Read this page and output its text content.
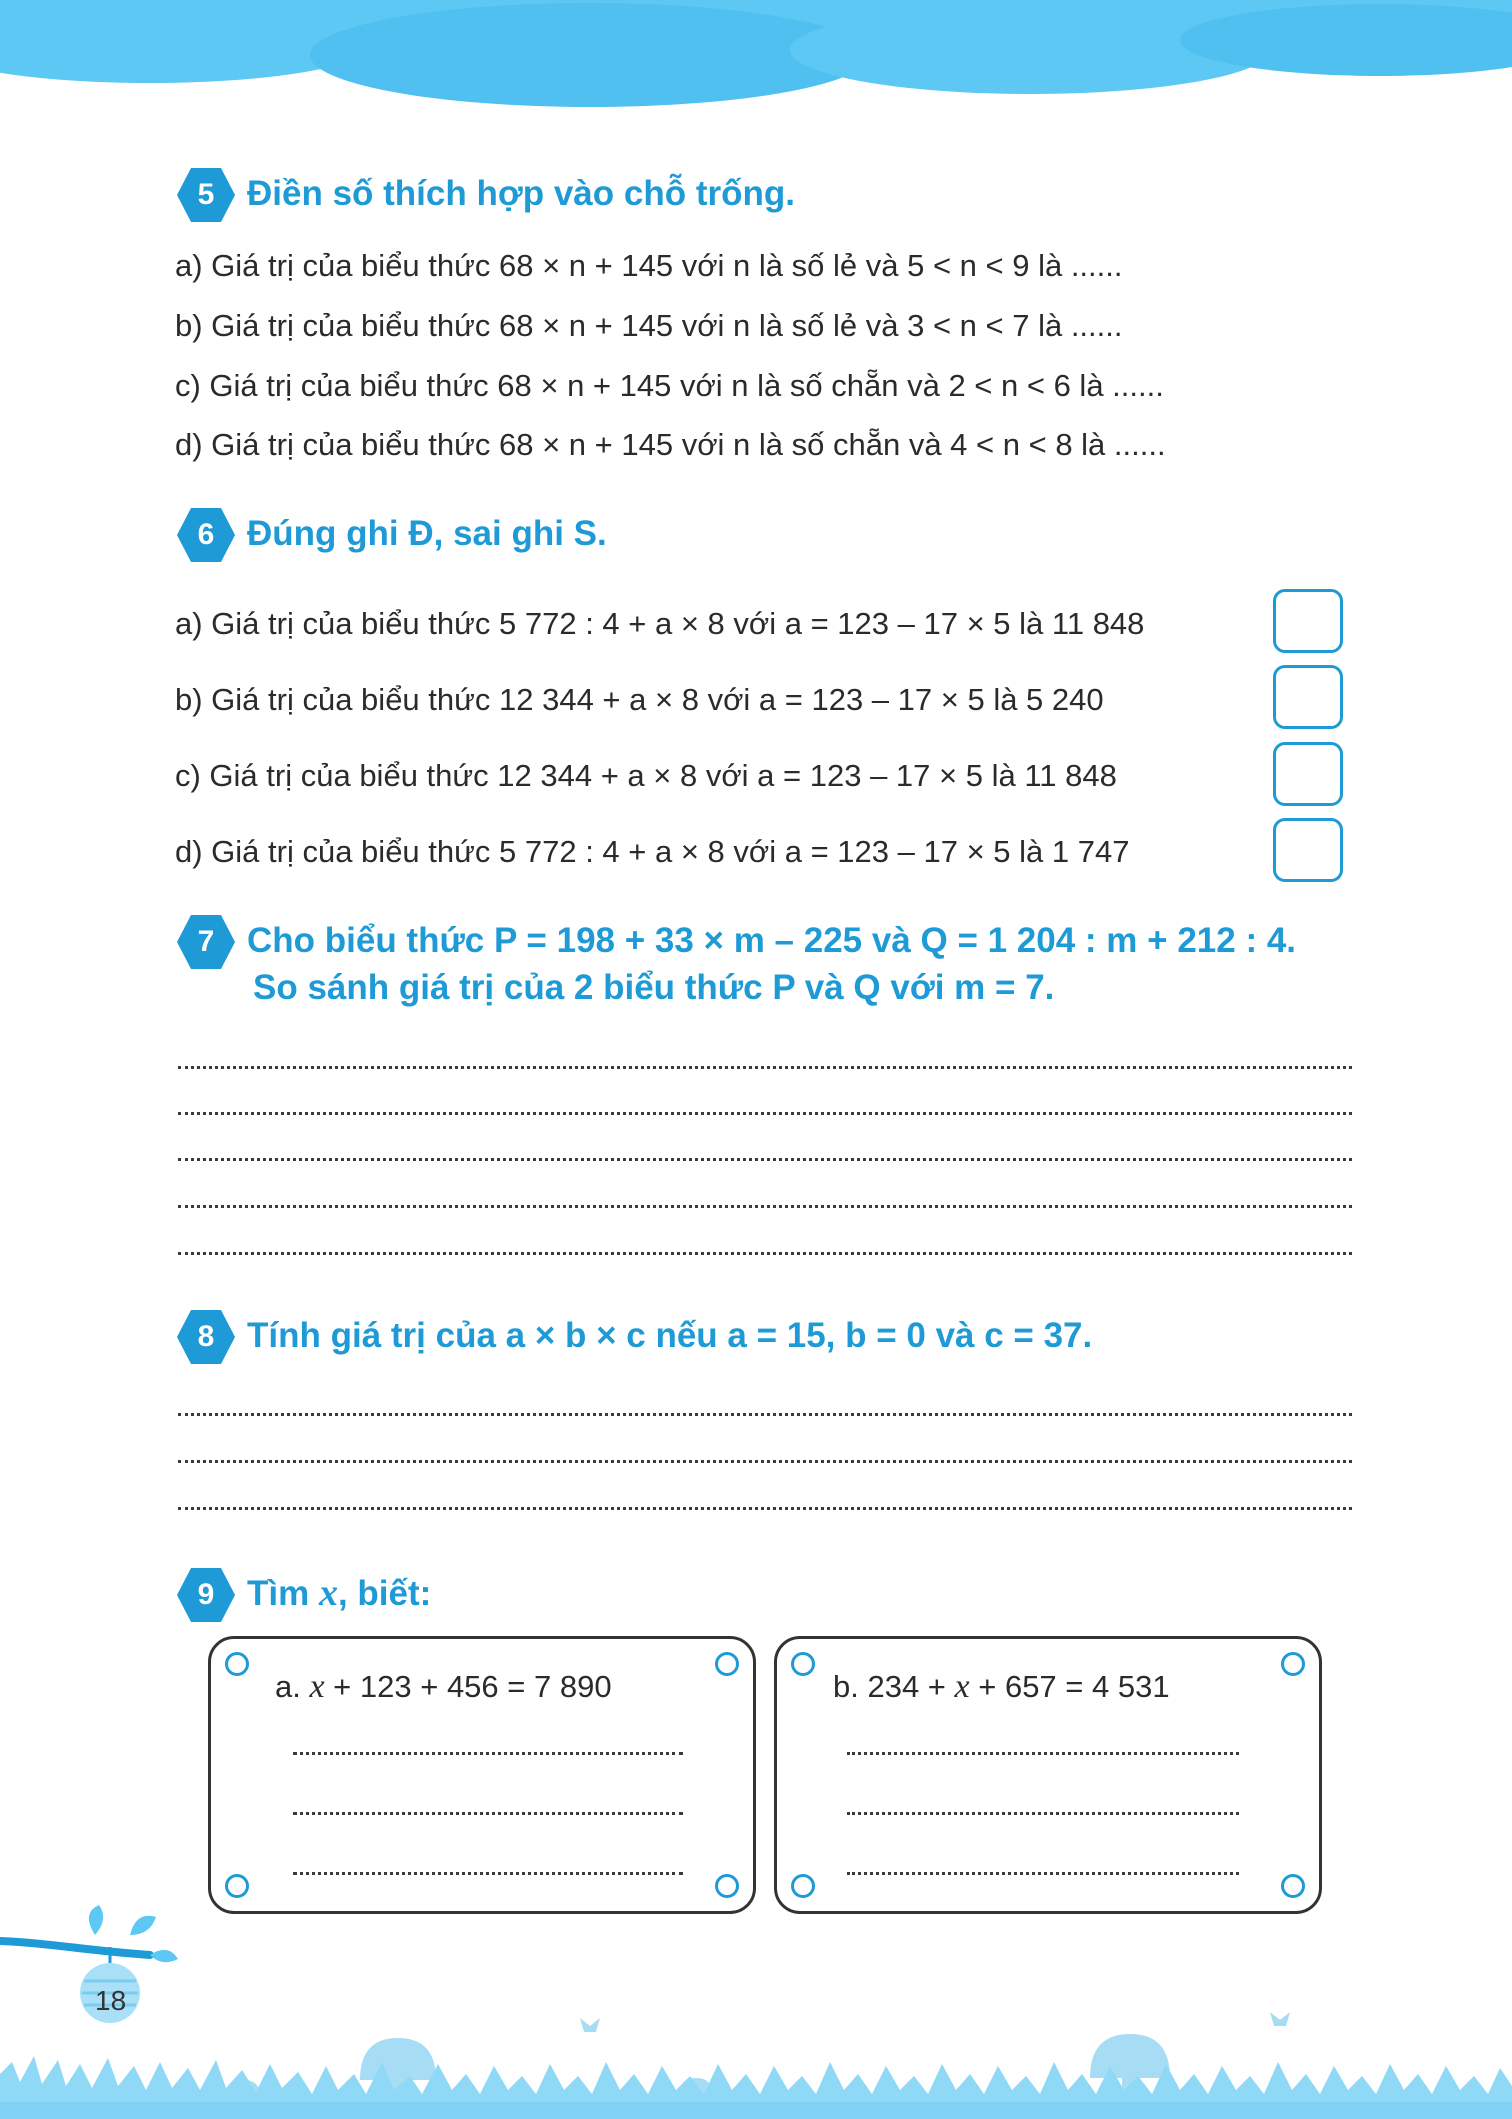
5 Điền số thích hợp vào chỗ trống.
a) Giá trị của biểu thức 68 × n + 145 với n là số lẻ và 5 < n < 9 là ......
b) Giá trị của biểu thức 68 × n + 145 với n là số lẻ và 3 < n < 7 là ......
c) Giá trị của biểu thức 68 × n + 145 với n là số chẵn và 2 < n < 6 là ......
d) Giá trị của biểu thức 68 × n + 145 với n là số chẵn và 4 < n < 8 là ......
6 Đúng ghi Đ, sai ghi S.
a) Giá trị của biểu thức 5 772 : 4 + a × 8 với a = 123 – 17 × 5 là 11 848
b) Giá trị của biểu thức 12 344 + a × 8 với a = 123 – 17 × 5 là 5 240
c) Giá trị của biểu thức 12 344 + a × 8 với a = 123 – 17 × 5 là 11 848
d) Giá trị của biểu thức 5 772 : 4 + a × 8 với a = 123 – 17 × 5 là 1 747
7 Cho biểu thức P = 198 + 33 × m – 225 và Q = 1 204 : m + 212 : 4.
So sánh giá trị của 2 biểu thức P và Q với m = 7.
8 Tính giá trị của a × b × c nếu a = 15, b = 0 và c = 37.
9 Tìm x, biết:
a. x + 123 + 456 = 7 890	b. 234 + x + 657 = 4 531
18
